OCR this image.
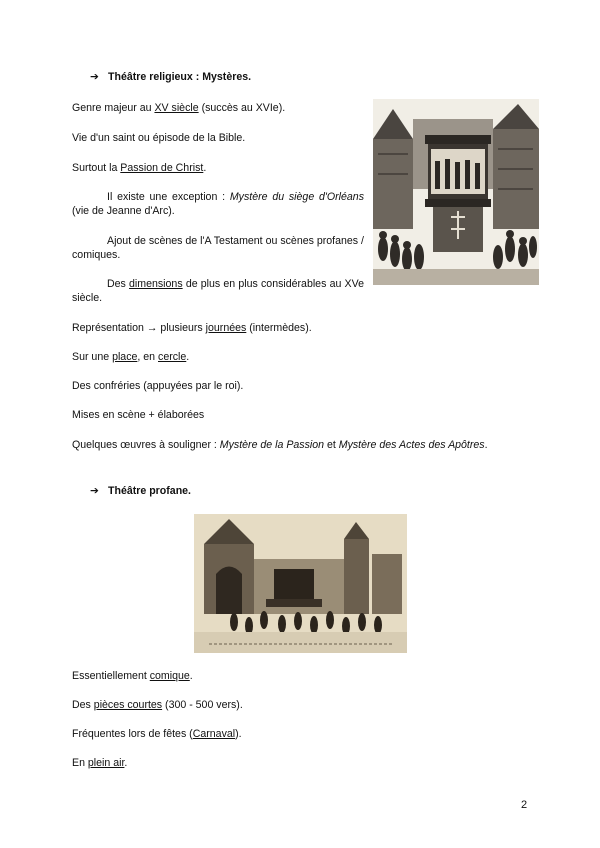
➔ Théâtre religieux : Mystères.

Genre majeur au XV siècle (succès au XVIe).

Vie d'un saint ou épisode de la Bible.

Surtout la Passion de Christ.

Il existe une exception : Mystère du siège d'Orléans (vie de Jeanne d'Arc).

Ajout de scènes de l'A Testament ou scènes profanes / comiques.

Des dimensions de plus en plus considérables au XVe siècle.

Représentation → plusieurs journées (intermèdes).

Sur une place, en cercle.

Des confréries (appuyées par le roi).

Mises en scène + élaborées

Quelques œuvres à souligner : Mystère de la Passion et Mystère des Actes des Apôtres.

➔ Théâtre profane.

Essentiellement comique.

Des pièces courtes (300 - 500 vers).

Fréquentes lors de fêtes (Carnaval).

En plein air.

2
